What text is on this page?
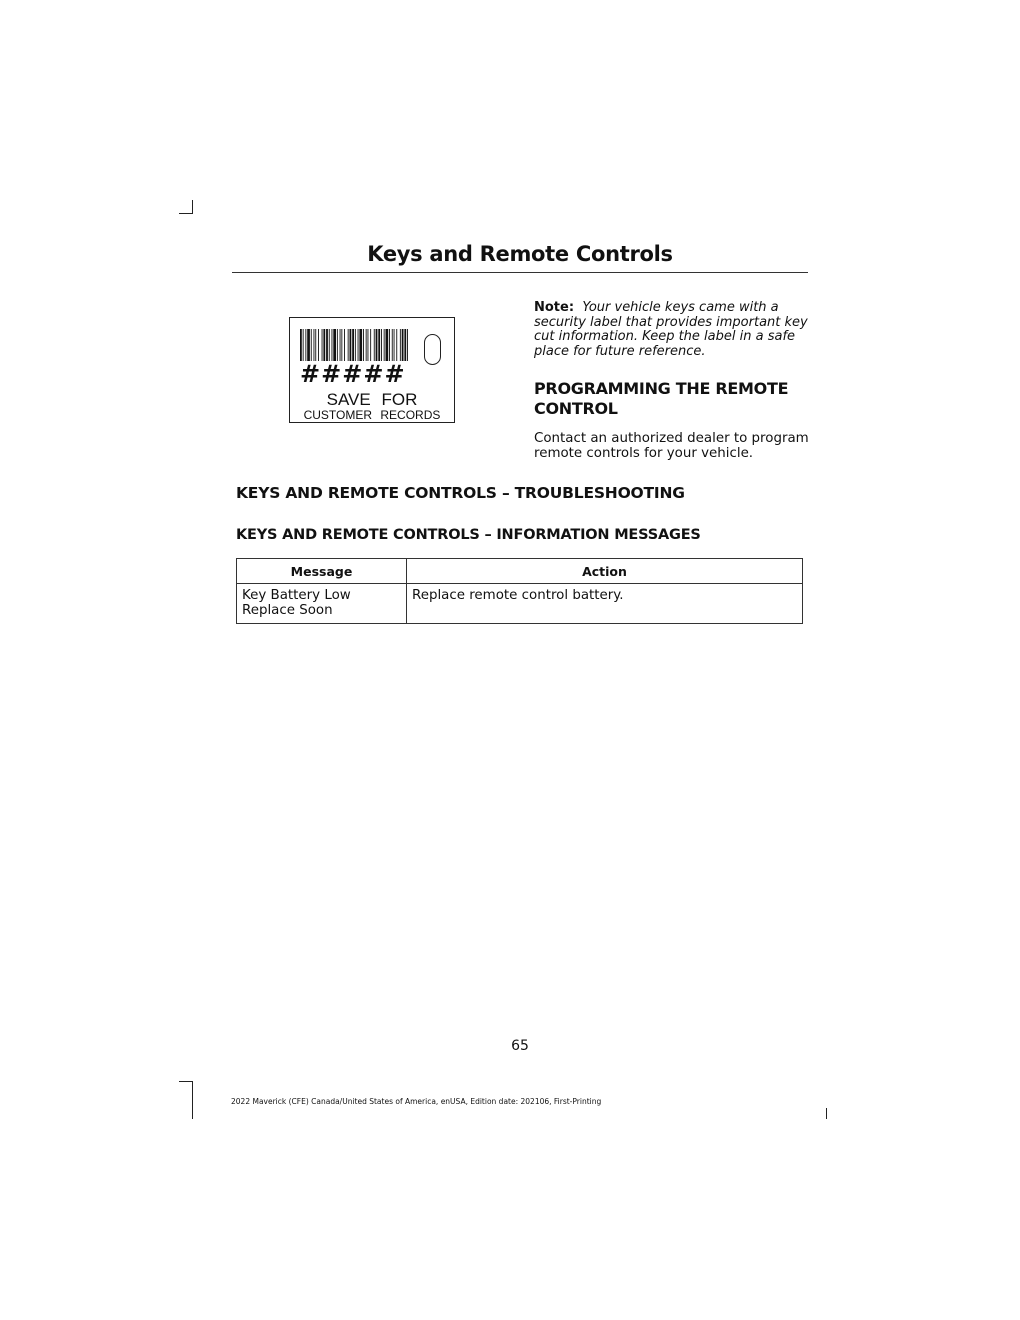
Keys and Remote Controls
#####
SAVE FOR
CUSTOMER RECORDS

Note: Your vehicle keys came with a security label that provides important key cut information. Keep the label in a safe place for future reference.

PROGRAMMING THE REMOTE CONTROL

Contact an authorized dealer to program remote controls for your vehicle.

KEYS AND REMOTE CONTROLS – TROUBLESHOOTING
KEYS AND REMOTE CONTROLS – INFORMATION MESSAGES
Message	Action
Key Battery Low Replace Soon	Replace remote control battery.
65
2022 Maverick (CFE) Canada/United States of America, enUSA, Edition date: 202106, First-Printing
